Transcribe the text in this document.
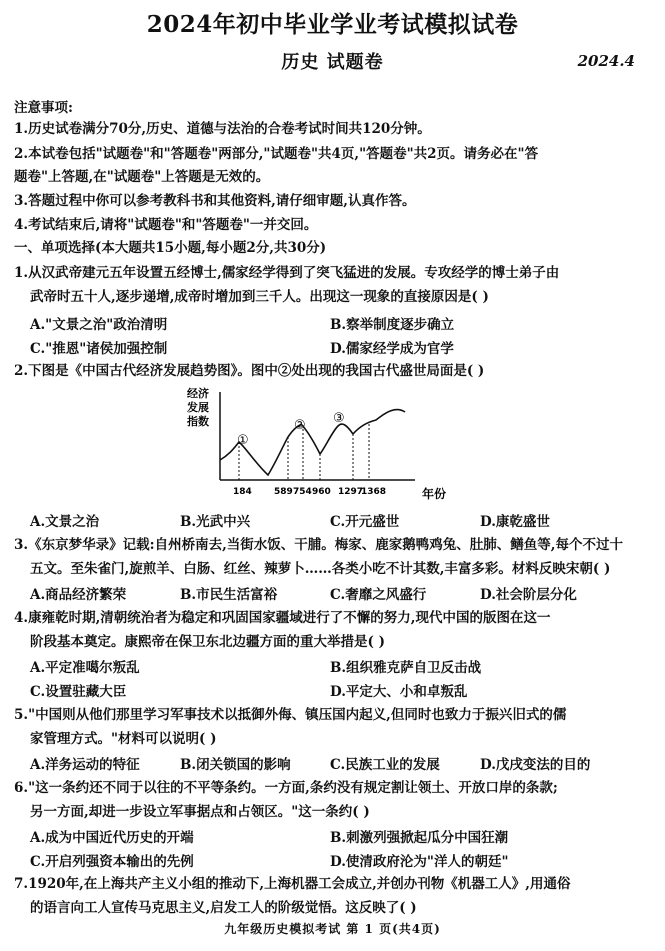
2024年初中毕业学业考试模拟试卷
历史 试题卷	2024.4
注意事项:
1.历史试卷满分70分,历史、道德与法治的合卷考试时间共120分钟。
2.本试卷包括"试题卷"和"答题卷"两部分,"试题卷"共4页,"答题卷"共2页。请务必在"答
题卷"上答题,在"试题卷"上答题是无效的。
3.答题过程中你可以参考教科书和其他资料,请仔细审题,认真作答。
4.考试结束后,请将"试题卷"和"答题卷"一并交回。
一、单项选择(本大题共15小题,每小题2分,共30分)
1.从汉武帝建元五年设置五经博士,儒家经学得到了突飞猛进的发展。专攻经学的博士弟子由
武帝时五十人,逐步递增,成帝时增加到三千人。出现这一现象的直接原因是( )
A."文景之治"政治清明	B.察举制度逐步确立
C."推恩"诸侯加强控制	D.儒家经学成为官学
2.下图是《中国古代经济发展趋势图》。图中②处出现的我国古代盛世局面是( )
经济
发展
指数
①
② ③
184 589 754 960 1297
1368	年份
A.文景之治	B.光武中兴	C.开元盛世	D.康乾盛世
3.《东京梦华录》记载:自州桥南去,当街水饭、干脯。梅家、鹿家鹅鸭鸡兔、肚肺、鳝鱼等,每个不过十
五文。至朱雀门,旋煎羊、白肠、红丝、辣萝卜……各类小吃不计其数,丰富多彩。材料反映宋朝( )
A.商品经济繁荣	B.市民生活富裕	C.奢靡之风盛行	D.社会阶层分化
4.康雍乾时期,清朝统治者为稳定和巩固国家疆域进行了不懈的努力,现代中国的版图在这一
阶段基本奠定。康熙帝在保卫东北边疆方面的重大举措是( )
A.平定准噶尔叛乱	B.组织雅克萨自卫反击战
C.设置驻藏大臣	D.平定大、小和卓叛乱
5."中国则从他们那里学习军事技术以抵御外侮、镇压国内起义,但同时也致力于振兴旧式的儒
家管理方式。"材料可以说明( )
A.洋务运动的特征	B.闭关锁国的影响	C.民族工业的发展	D.戊戌变法的目的
6."这一条约还不同于以往的不平等条约。一方面,条约没有规定割让领土、开放口岸的条款;
另一方面,却进一步设立军事据点和占领区。"这一条约( )
A.成为中国近代历史的开端	B.刺激列强掀起瓜分中国狂潮
C.开启列强资本输出的先例	D.使清政府沦为"洋人的朝廷"
7.1920年,在上海共产主义小组的推动下,上海机器工会成立,并创办刊物《机器工人》,用通俗
的语言向工人宣传马克思主义,启发工人的阶级觉悟。这反映了( )
九年级历史模拟考试 第 1 页(共4页)
